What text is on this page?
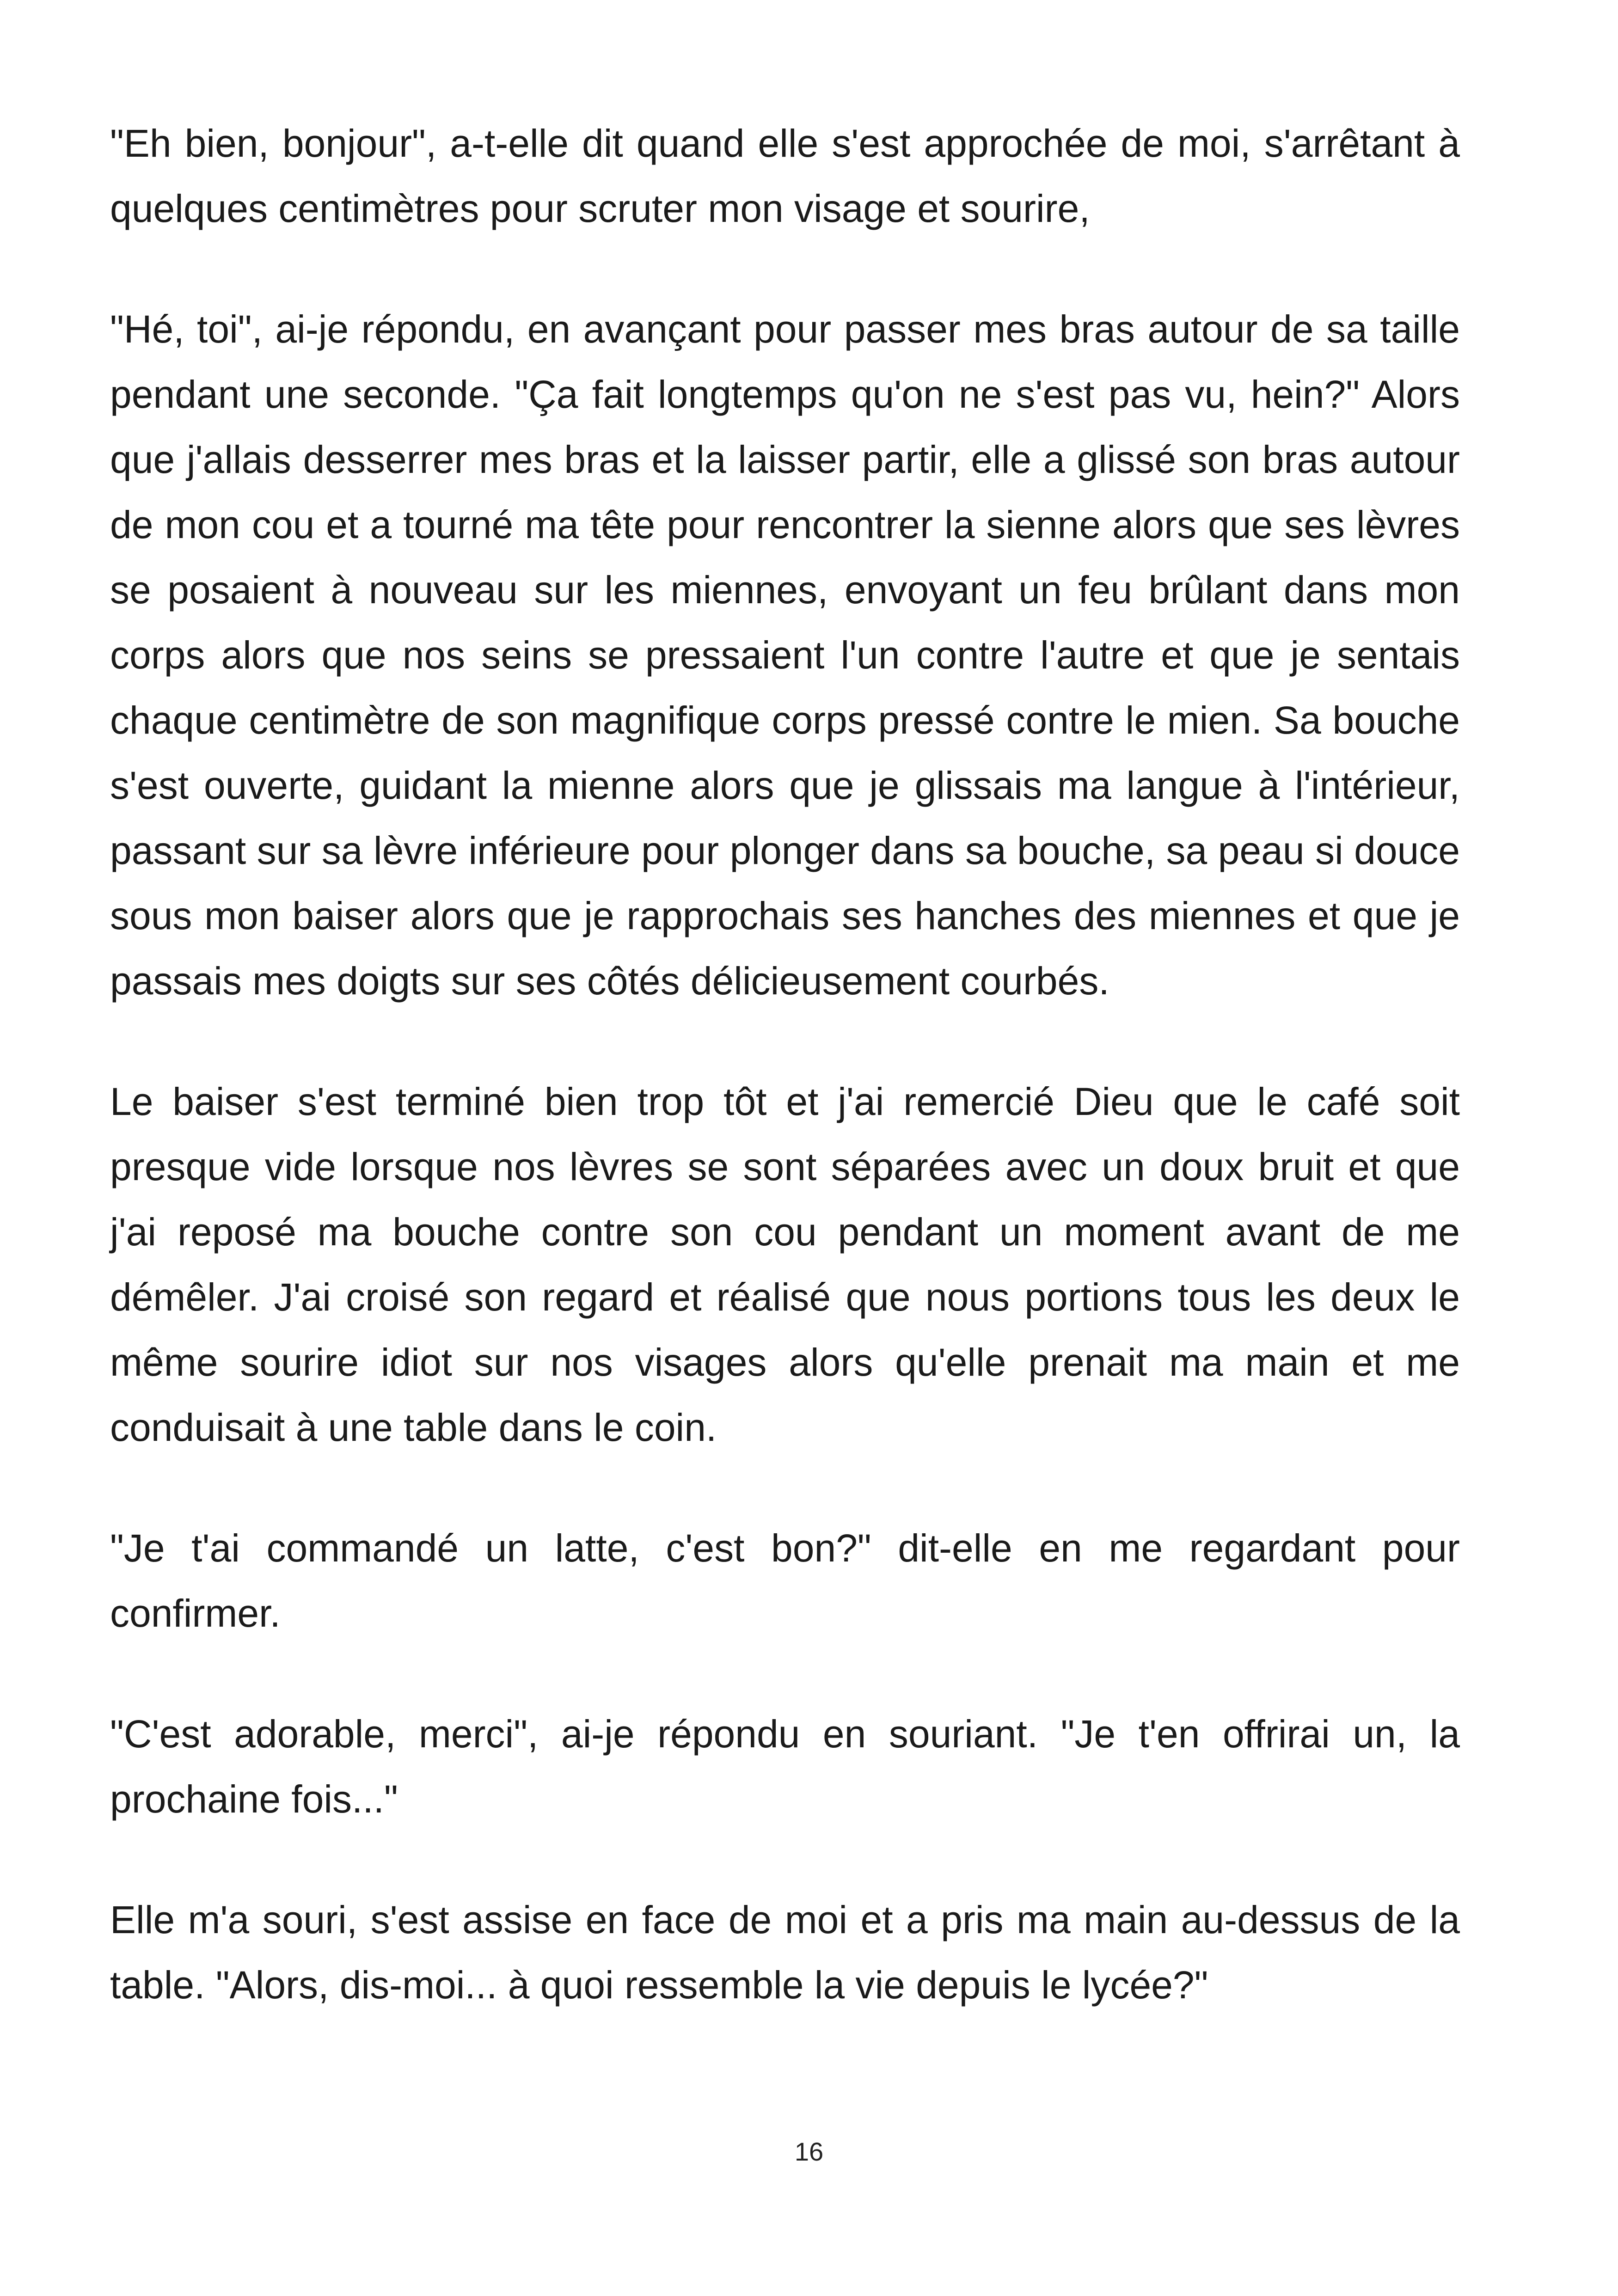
"Eh bien, bonjour", a-t-elle dit quand elle s'est approchée de moi, s'arrêtant à quelques centimètres pour scruter mon visage et sourire,

"Hé, toi", ai-je répondu, en avançant pour passer mes bras autour de sa taille pendant une seconde. "Ça fait longtemps qu'on ne s'est pas vu, hein?" Alors que j'allais desserrer mes bras et la laisser partir, elle a glissé son bras autour de mon cou et a tourné ma tête pour rencontrer la sienne alors que ses lèvres se posaient à nouveau sur les miennes, envoyant un feu brûlant dans mon corps alors que nos seins se pressaient l'un contre l'autre et que je sentais chaque centimètre de son magnifique corps pressé contre le mien. Sa bouche s'est ouverte, guidant la mienne alors que je glissais ma langue à l'intérieur, passant sur sa lèvre inférieure pour plonger dans sa bouche, sa peau si douce sous mon baiser alors que je rapprochais ses hanches des miennes et que je passais mes doigts sur ses côtés délicieusement courbés.

Le baiser s'est terminé bien trop tôt et j'ai remercié Dieu que le café soit presque vide lorsque nos lèvres se sont séparées avec un doux bruit et que j'ai reposé ma bouche contre son cou pendant un moment avant de me démêler. J'ai croisé son regard et réalisé que nous portions tous les deux le même sourire idiot sur nos visages alors qu'elle prenait ma main et me conduisait à une table dans le coin.

"Je t'ai commandé un latte, c'est bon?" dit-elle en me regardant pour confirmer.

"C'est adorable, merci", ai-je répondu en souriant. "Je t'en offrirai un, la prochaine fois..."

Elle m'a souri, s'est assise en face de moi et a pris ma main au-dessus de la table. "Alors, dis-moi... à quoi ressemble la vie depuis le lycée?"

16
